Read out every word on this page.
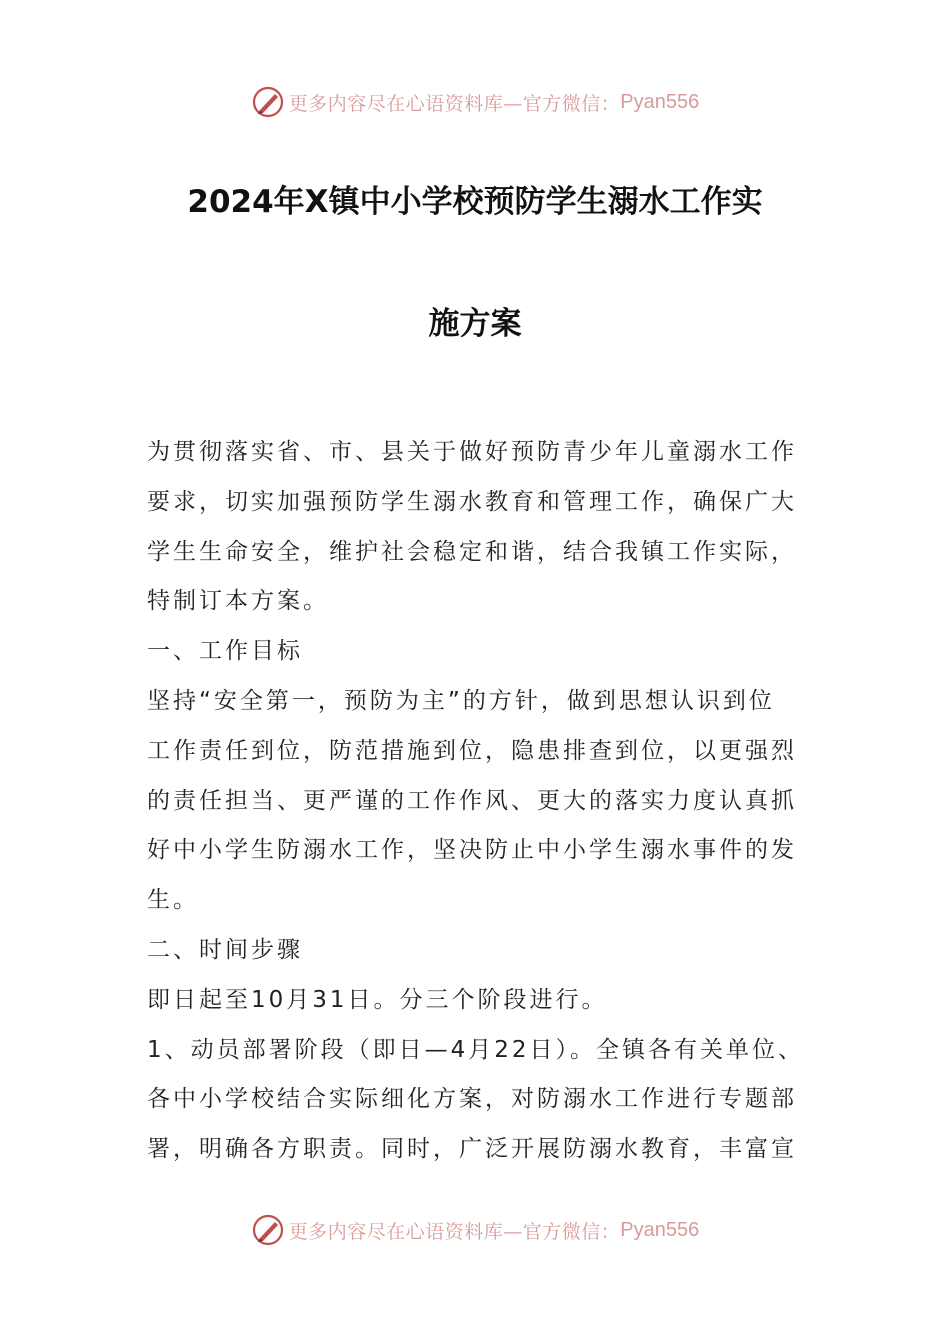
更多内容尽在心语资料库—官方微信： Pyan556
2024年X镇中小学校预防学生溺水工作实
施方案

为贯彻落实省、市、县关于做好预防青少年儿童溺水工作

要求，切实加强预防学生溺水教育和管理工作，确保广大

学生生命安全，维护社会稳定和谐，结合我镇工作实际，

特制订本方案。

一、工作目标

坚持“安全第一，预防为主”的方针，做到思想认识到位

工作责任到位，防范措施到位，隐患排查到位，以更强烈

的责任担当、更严谨的工作作风、更大的落实力度认真抓

好中小学生防溺水工作，坚决防止中小学生溺水事件的发

生。

二、时间步骤

即日起至10月31日。分三个阶段进行。

1、动员部署阶段（即日—4月22日）。全镇各有关单位、

各中小学校结合实际细化方案，对防溺水工作进行专题部

署，明确各方职责。同时，广泛开展防溺水教育，丰富宣

更多内容尽在心语资料库—官方微信： Pyan556
